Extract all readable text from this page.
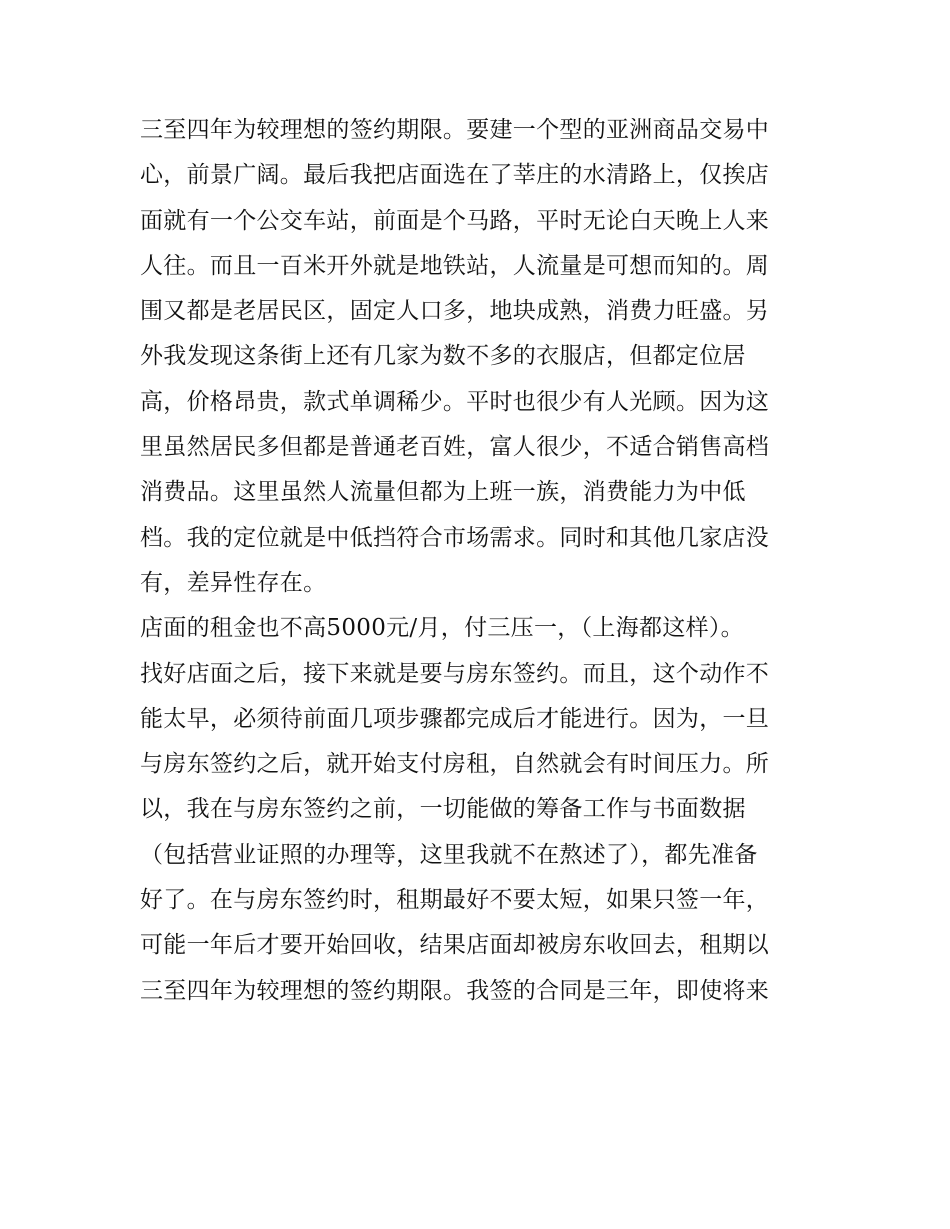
三至四年为较理想的签约期限。要建一个型的亚洲商品交易中
心，前景广阔。最后我把店面选在了莘庄的水清路上，仅挨店
面就有一个公交车站，前面是个马路，平时无论白天晚上人来
人往。而且一百米开外就是地铁站，人流量是可想而知的。周
围又都是老居民区，固定人口多，地块成熟，消费力旺盛。另
外我发现这条街上还有几家为数不多的衣服店，但都定位居
高，价格昂贵，款式单调稀少。平时也很少有人光顾。因为这
里虽然居民多但都是普通老百姓，富人很少，不适合销售高档
消费品。这里虽然人流量但都为上班一族，消费能力为中低
档。我的定位就是中低挡符合市场需求。同时和其他几家店没
有，差异性存在。
店面的租金也不高5000元/月，付三压一，（上海都这样）。
找好店面之后，接下来就是要与房东签约。而且，这个动作不
能太早，必须待前面几项步骤都完成后才能进行。因为，一旦
与房东签约之后，就开始支付房租，自然就会有时间压力。所
以，我在与房东签约之前，一切能做的筹备工作与书面数据
（包括营业证照的办理等，这里我就不在熬述了），都先准备
好了。在与房东签约时，租期最好不要太短，如果只签一年，
可能一年后才要开始回收，结果店面却被房东收回去，租期以
三至四年为较理想的签约期限。我签的合同是三年，即使将来
